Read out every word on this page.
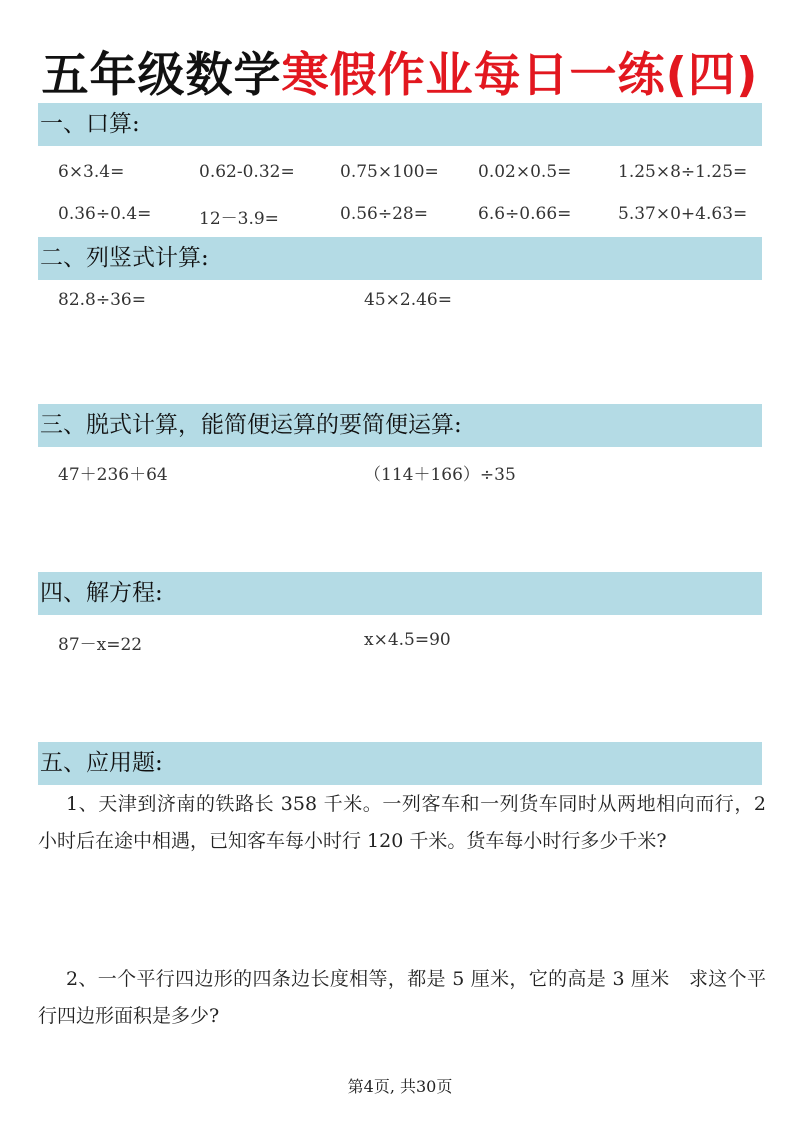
五年级数学寒假作业每日一练(四)
一、口算:
6×3.4=	0.62-0.32=	0.75×100= 0.02×0.5=	1.25×8÷1.25=
0.36÷0.4=	12－3.9=	0.56÷28=	6.6÷0.66=	5.37×0+4.63=
二、列竖式计算:
82.8÷36=	45×2.46=
三、脱式计算，能简便运算的要简便运算:
47＋236＋64	（114＋166）÷35
四、解方程:
87－x=22	x×4.5=90
五、应用题:
1、天津到济南的铁路长 358 千米。一列客车和一列货车同时从两地相向而行，2 小时后在途中相遇，已知客车每小时行 120 千米。货车每小时行多少千米?
2、一个平行四边形的四条边长度相等，都是 5 厘米，它的高是 3 厘米　求这个平行四边形面积是多少?
第4页, 共30页
